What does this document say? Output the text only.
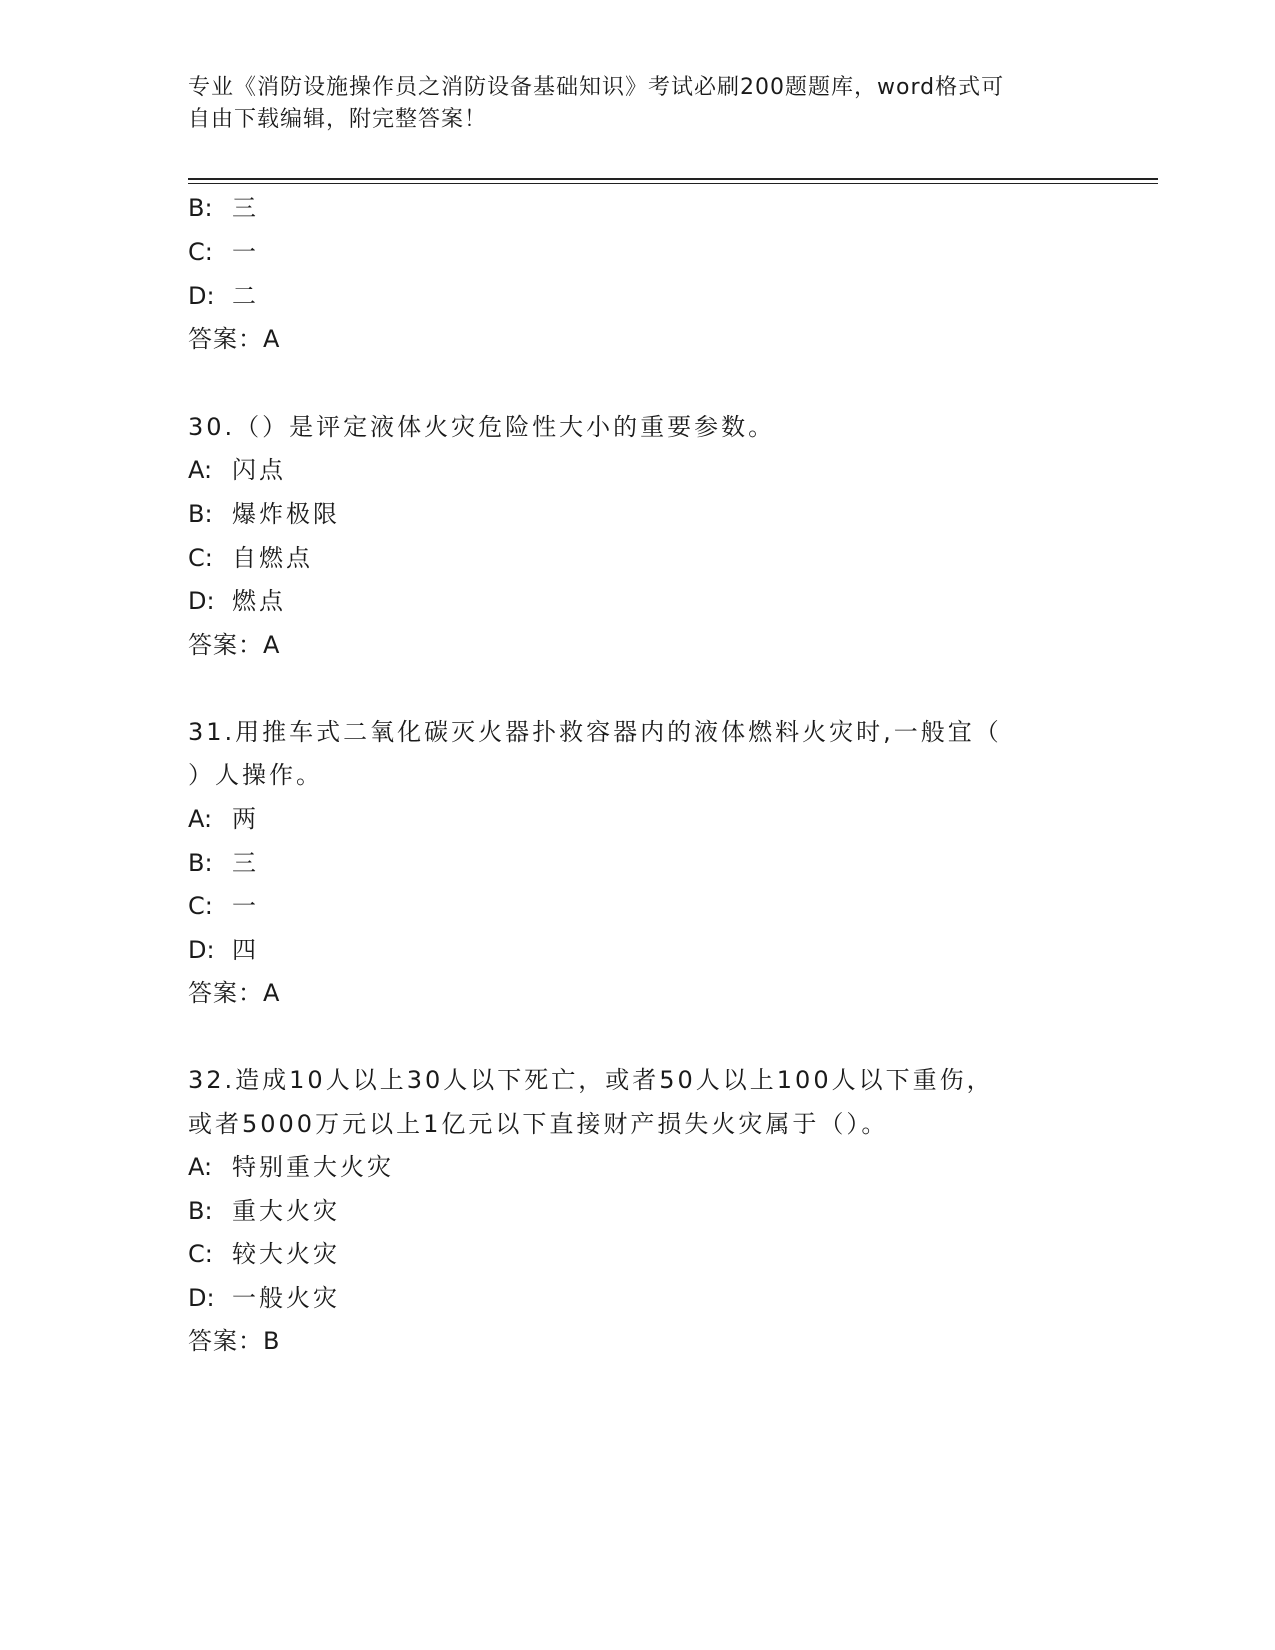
专业《消防设施操作员之消防设备基础知识》考试必刷200题题库，word格式可
自由下载编辑，附完整答案！
B: 三
C: 一
D: 二
答案：A
30.（）是评定液体火灾危险性大小的重要参数。
A: 闪点
B: 爆炸极限
C: 自燃点
D: 燃点
答案：A
31.用推车式二氧化碳灭火器扑救容器内的液体燃料火灾时,一般宜（
）人操作。
A: 两
B: 三
C: 一
D: 四
答案：A
32.造成10人以上30人以下死亡，或者50人以上100人以下重伤，
或者5000万元以上1亿元以下直接财产损失火灾属于（）。
A: 特别重大火灾
B: 重大火灾
C: 较大火灾
D: 一般火灾
答案：B
